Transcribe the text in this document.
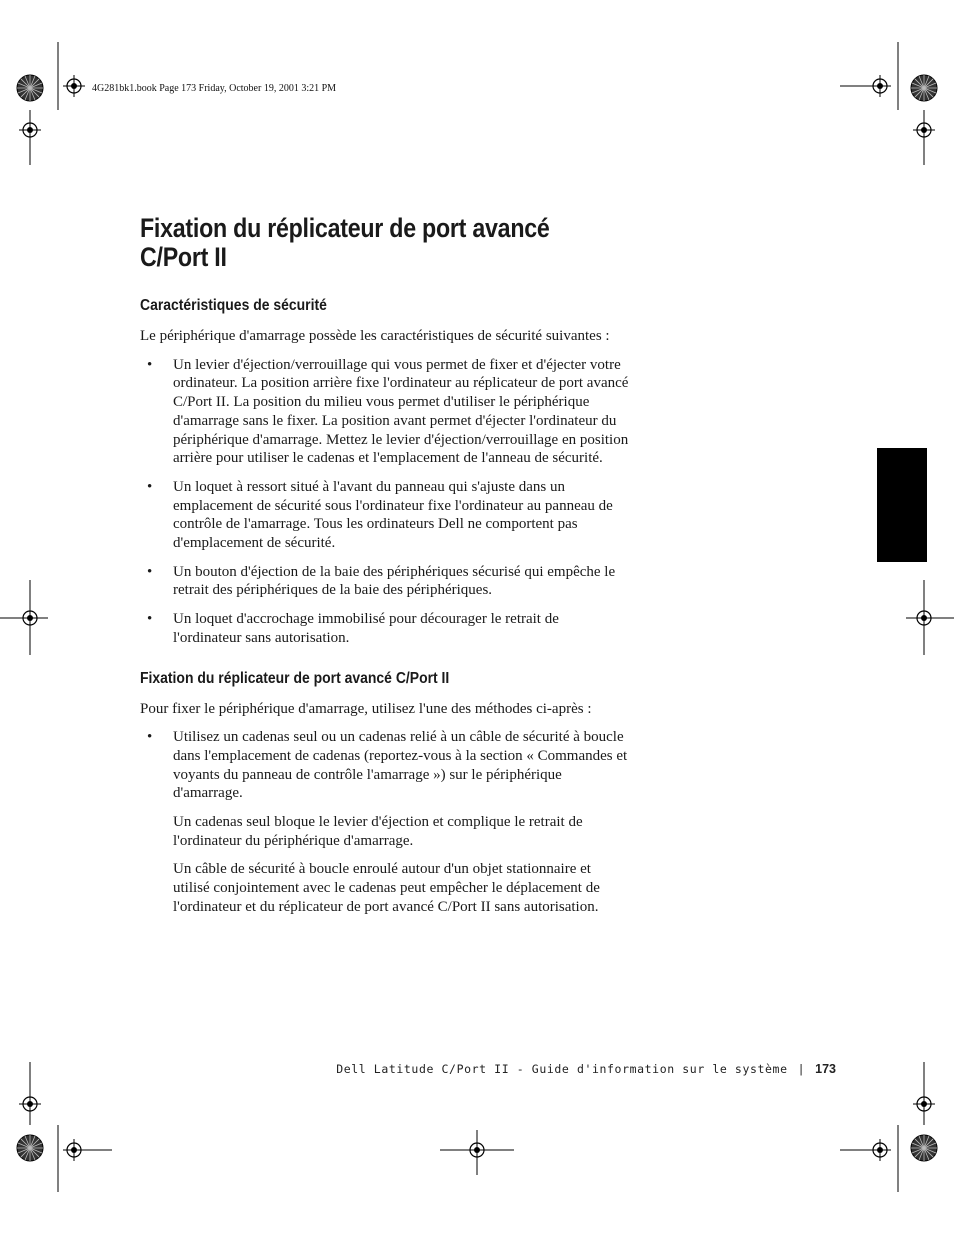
4G281bk1.book Page 173 Friday, October 19, 2001 3:21 PM
Fixation du réplicateur de port avancé C/Port II
Caractéristiques de sécurité

Le périphérique d'amarrage possède les caractéristiques de sécurité suivantes :

• Un levier d'éjection/verrouillage qui vous permet de fixer et d'éjecter votre ordinateur. La position arrière fixe l'ordinateur au réplicateur de port avancé C/Port II. La position du milieu vous permet d'utiliser le périphérique d'amarrage sans le fixer. La position avant permet d'éjecter l'ordinateur du périphérique d'amarrage. Mettez le levier d'éjection/verrouillage en position arrière pour utiliser le cadenas et l'emplacement de l'anneau de sécurité.
• Un loquet à ressort situé à l'avant du panneau qui s'ajuste dans un emplacement de sécurité sous l'ordinateur fixe l'ordinateur au panneau de contrôle de l'amarrage. Tous les ordinateurs Dell ne comportent pas d'emplacement de sécurité.
• Un bouton d'éjection de la baie des périphériques sécurisé qui empêche le retrait des périphériques de la baie des périphériques.
• Un loquet d'accrochage immobilisé pour décourager le retrait de l'ordinateur sans autorisation.
Fixation du réplicateur de port avancé C/Port II

Pour fixer le périphérique d'amarrage, utilisez l'une des méthodes ci-après :

• Utilisez un cadenas seul ou un cadenas relié à un câble de sécurité à boucle dans l'emplacement de cadenas (reportez-vous à la section « Commandes et voyants du panneau de contrôle l'amarrage ») sur le périphérique d'amarrage.

Un cadenas seul bloque le levier d'éjection et complique le retrait de l'ordinateur du périphérique d'amarrage.

Un câble de sécurité à boucle enroulé autour d'un objet stationnaire et utilisé conjointement avec le cadenas peut empêcher le déplacement de l'ordinateur et du réplicateur de port avancé C/Port II sans autorisation.

Dell Latitude C/Port II - Guide d'information sur le système | 173
